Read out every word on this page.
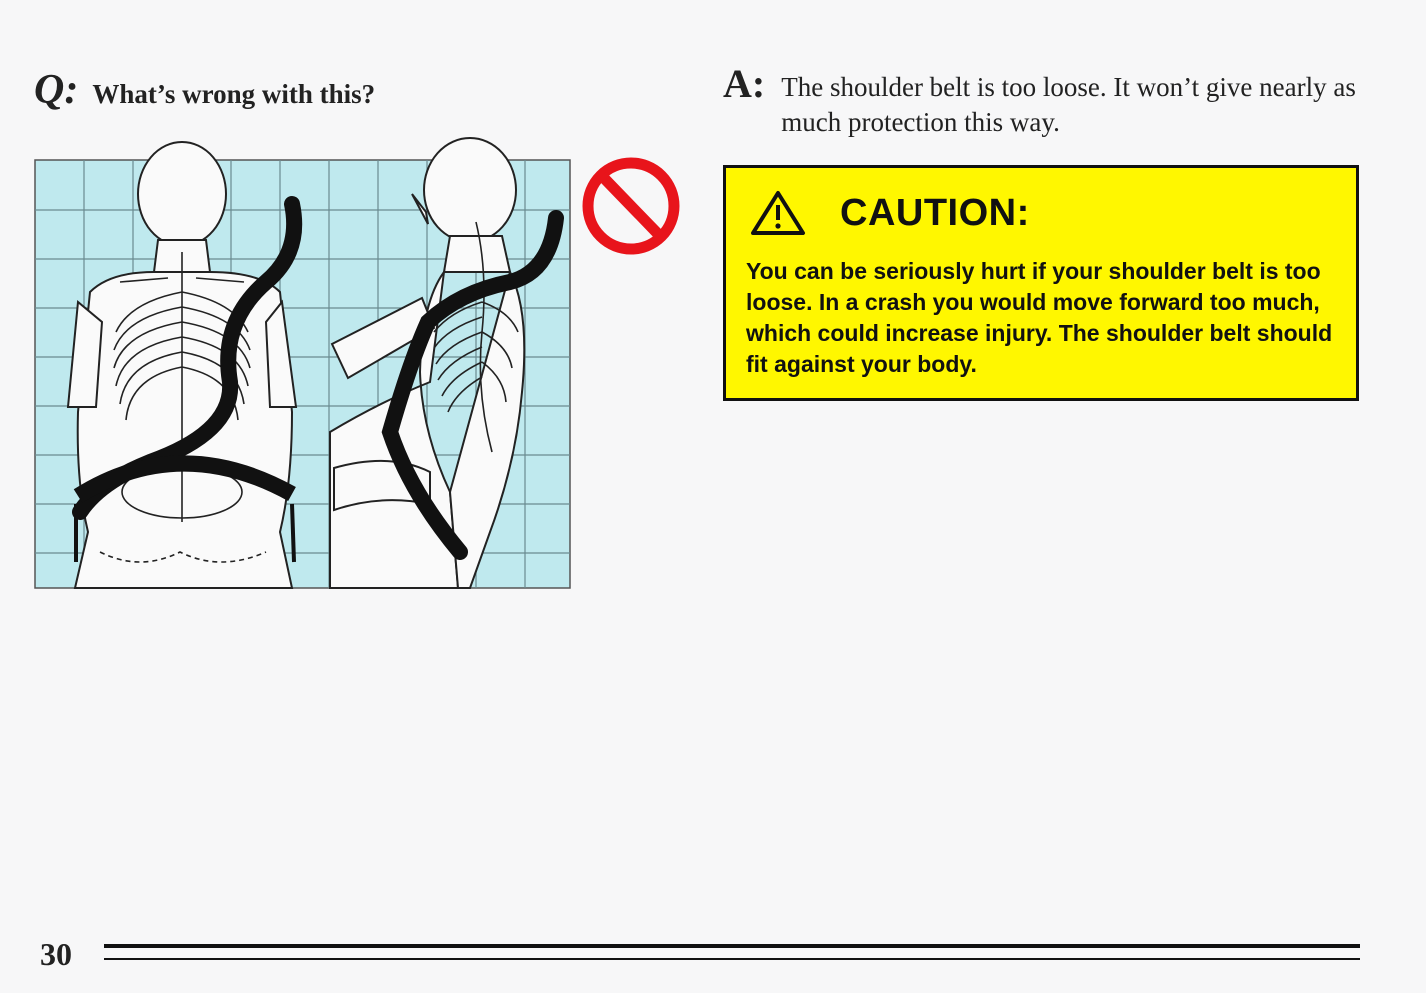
Q: What’s wrong with this?	A: The shoulder belt is too loose. It won’t give nearly as much protection this way.
CAUTION:
You can be seriously hurt if your shoulder belt is too loose. In a crash you would move forward too much, which could increase injury. The shoulder belt should fit against your body.
30
